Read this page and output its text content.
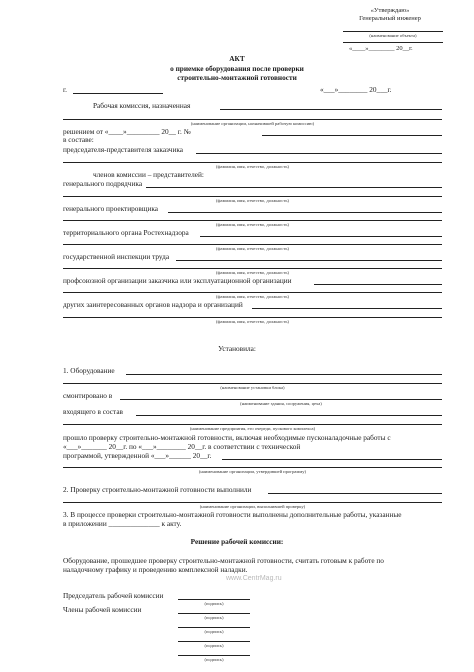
«Утверждаю»
Генеральный инженер
(наименование объекта)
«____»________ 20__г.
АКТ
о приемке оборудования после проверки
строительно-монтажной готовности
г.	«___»________ 20___г.
Рабочая комиссия, назначенная
(наименование организации, назначившей рабочую комиссию)
решением от «____»_________ 20__ г. №
в составе:
председателя-представителя заказчика
(фамилия, имя, отчество, должность)
членов комиссии – представителей:
генерального подрядчика
(фамилия, имя, отчество, должность)
генерального проектировщика
(фамилия, имя, отчество, должность)
территориального органа Ростехнадзора
(фамилия, имя, отчество, должность)
государственной инспекции труда
(фамилия, имя, отчество, должность)
профсоюзной организации заказчика или эксплуатационной организации
(фамилия, имя, отчество, должность)
других заинтересованных органов надзора и организаций
(фамилия, имя, отчество, должность)
Установила:
1. Оборудование
(наименование установки блока)
смонтировано в
(наименование здания, сооружения, цеха)
входящего в состав
(наименование предприятия, его очереди, пускового комплекса)
прошло проверку строительно-монтажной готовности, включая необходимые пусконаладочные работы с
«___»_______ 20__г. по «___»________ 20__г. в соответствии с технической
программой, утвержденной «___»______ 20__г.
(наименование организации, утвердившей программу)
2. Проверку строительно-монтажной готовности выполнили
(наименование организации, выполнившей проверку)
3. В процессе проверки строительно-монтажной готовности выполнены дополнительные работы, указанные
в приложении ______________ к акту.
Решение рабочей комиссии:
Оборудование, прошедшее проверку строительно-монтажной готовности, считать готовым к работе по
наладочному графику и проведению комплексной наладки.
www.CentrMag.ru
Председатель рабочей комиссии
(подпись)
Члены рабочей комиссии
(подпись)
(подпись)
(подпись)
(подпись)
